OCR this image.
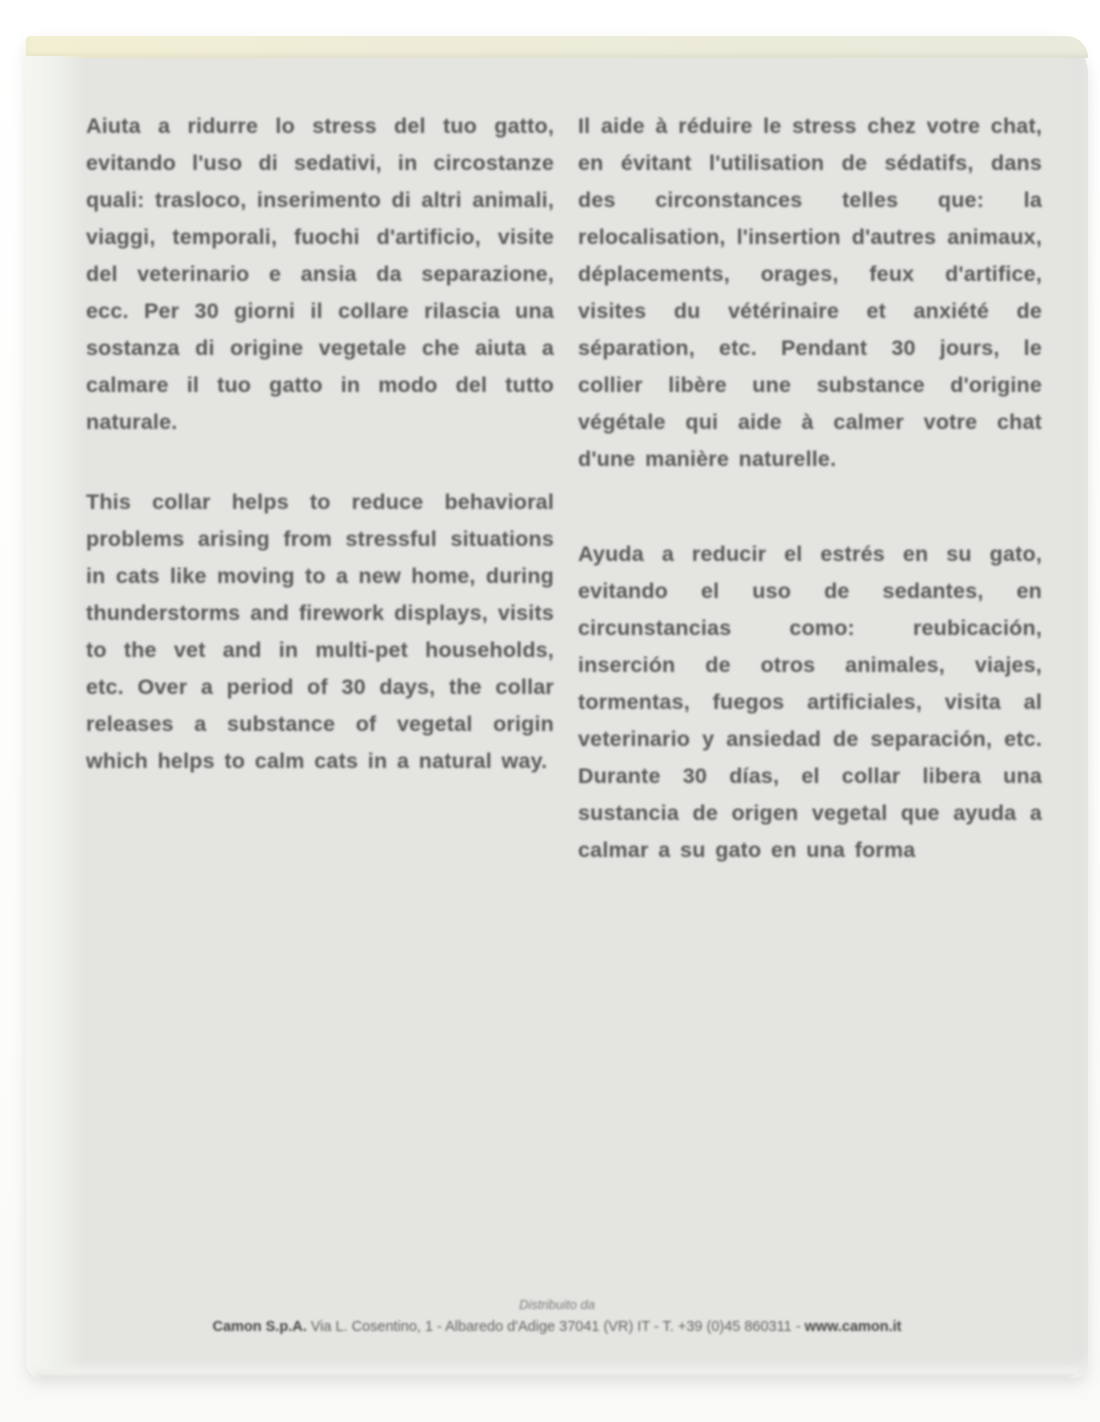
Aiuta a ridurre lo stress del tuo gatto, evitando l'uso di sedativi, in circostanze quali: trasloco, inserimento di altri animali, viaggi, temporali, fuochi d'artificio, visite del veterinario e ansia da separazione, ecc. Per 30 giorni il collare rilascia una sostanza di origine vegetale che aiuta a calmare il tuo gatto in modo del tutto naturale.

This collar helps to reduce behavioral problems arising from stressful situations in cats like moving to a new home, during thunderstorms and firework displays, visits to the vet and in multi-pet households, etc. Over a period of 30 days, the collar releases a substance of vegetal origin which helps to calm cats in a natural way.

Il aide à réduire le stress chez votre chat, en évitant l'utilisation de sédatifs, dans des circonstances telles que: la relocalisation, l'insertion d'autres animaux, déplacements, orages, feux d'artifice, visites du vétérinaire et anxiété de séparation, etc. Pendant 30 jours, le collier libère une substance d'origine végétale qui aide à calmer votre chat d'une manière naturelle.

Ayuda a reducir el estrés en su gato, evitando el uso de sedantes, en circunstancias como: reubicación, inserción de otros animales, viajes, tormentas, fuegos artificiales, visita al veterinario y ansiedad de separación, etc. Durante 30 días, el collar libera una sustancia de origen vegetal que ayuda a calmar a su gato en una forma

Distribuito da
Camon S.p.A. Via L. Cosentino, 1 - Albaredo d'Adige 37041 (VR) IT - T. +39 (0)45 860311 - www.camon.it
